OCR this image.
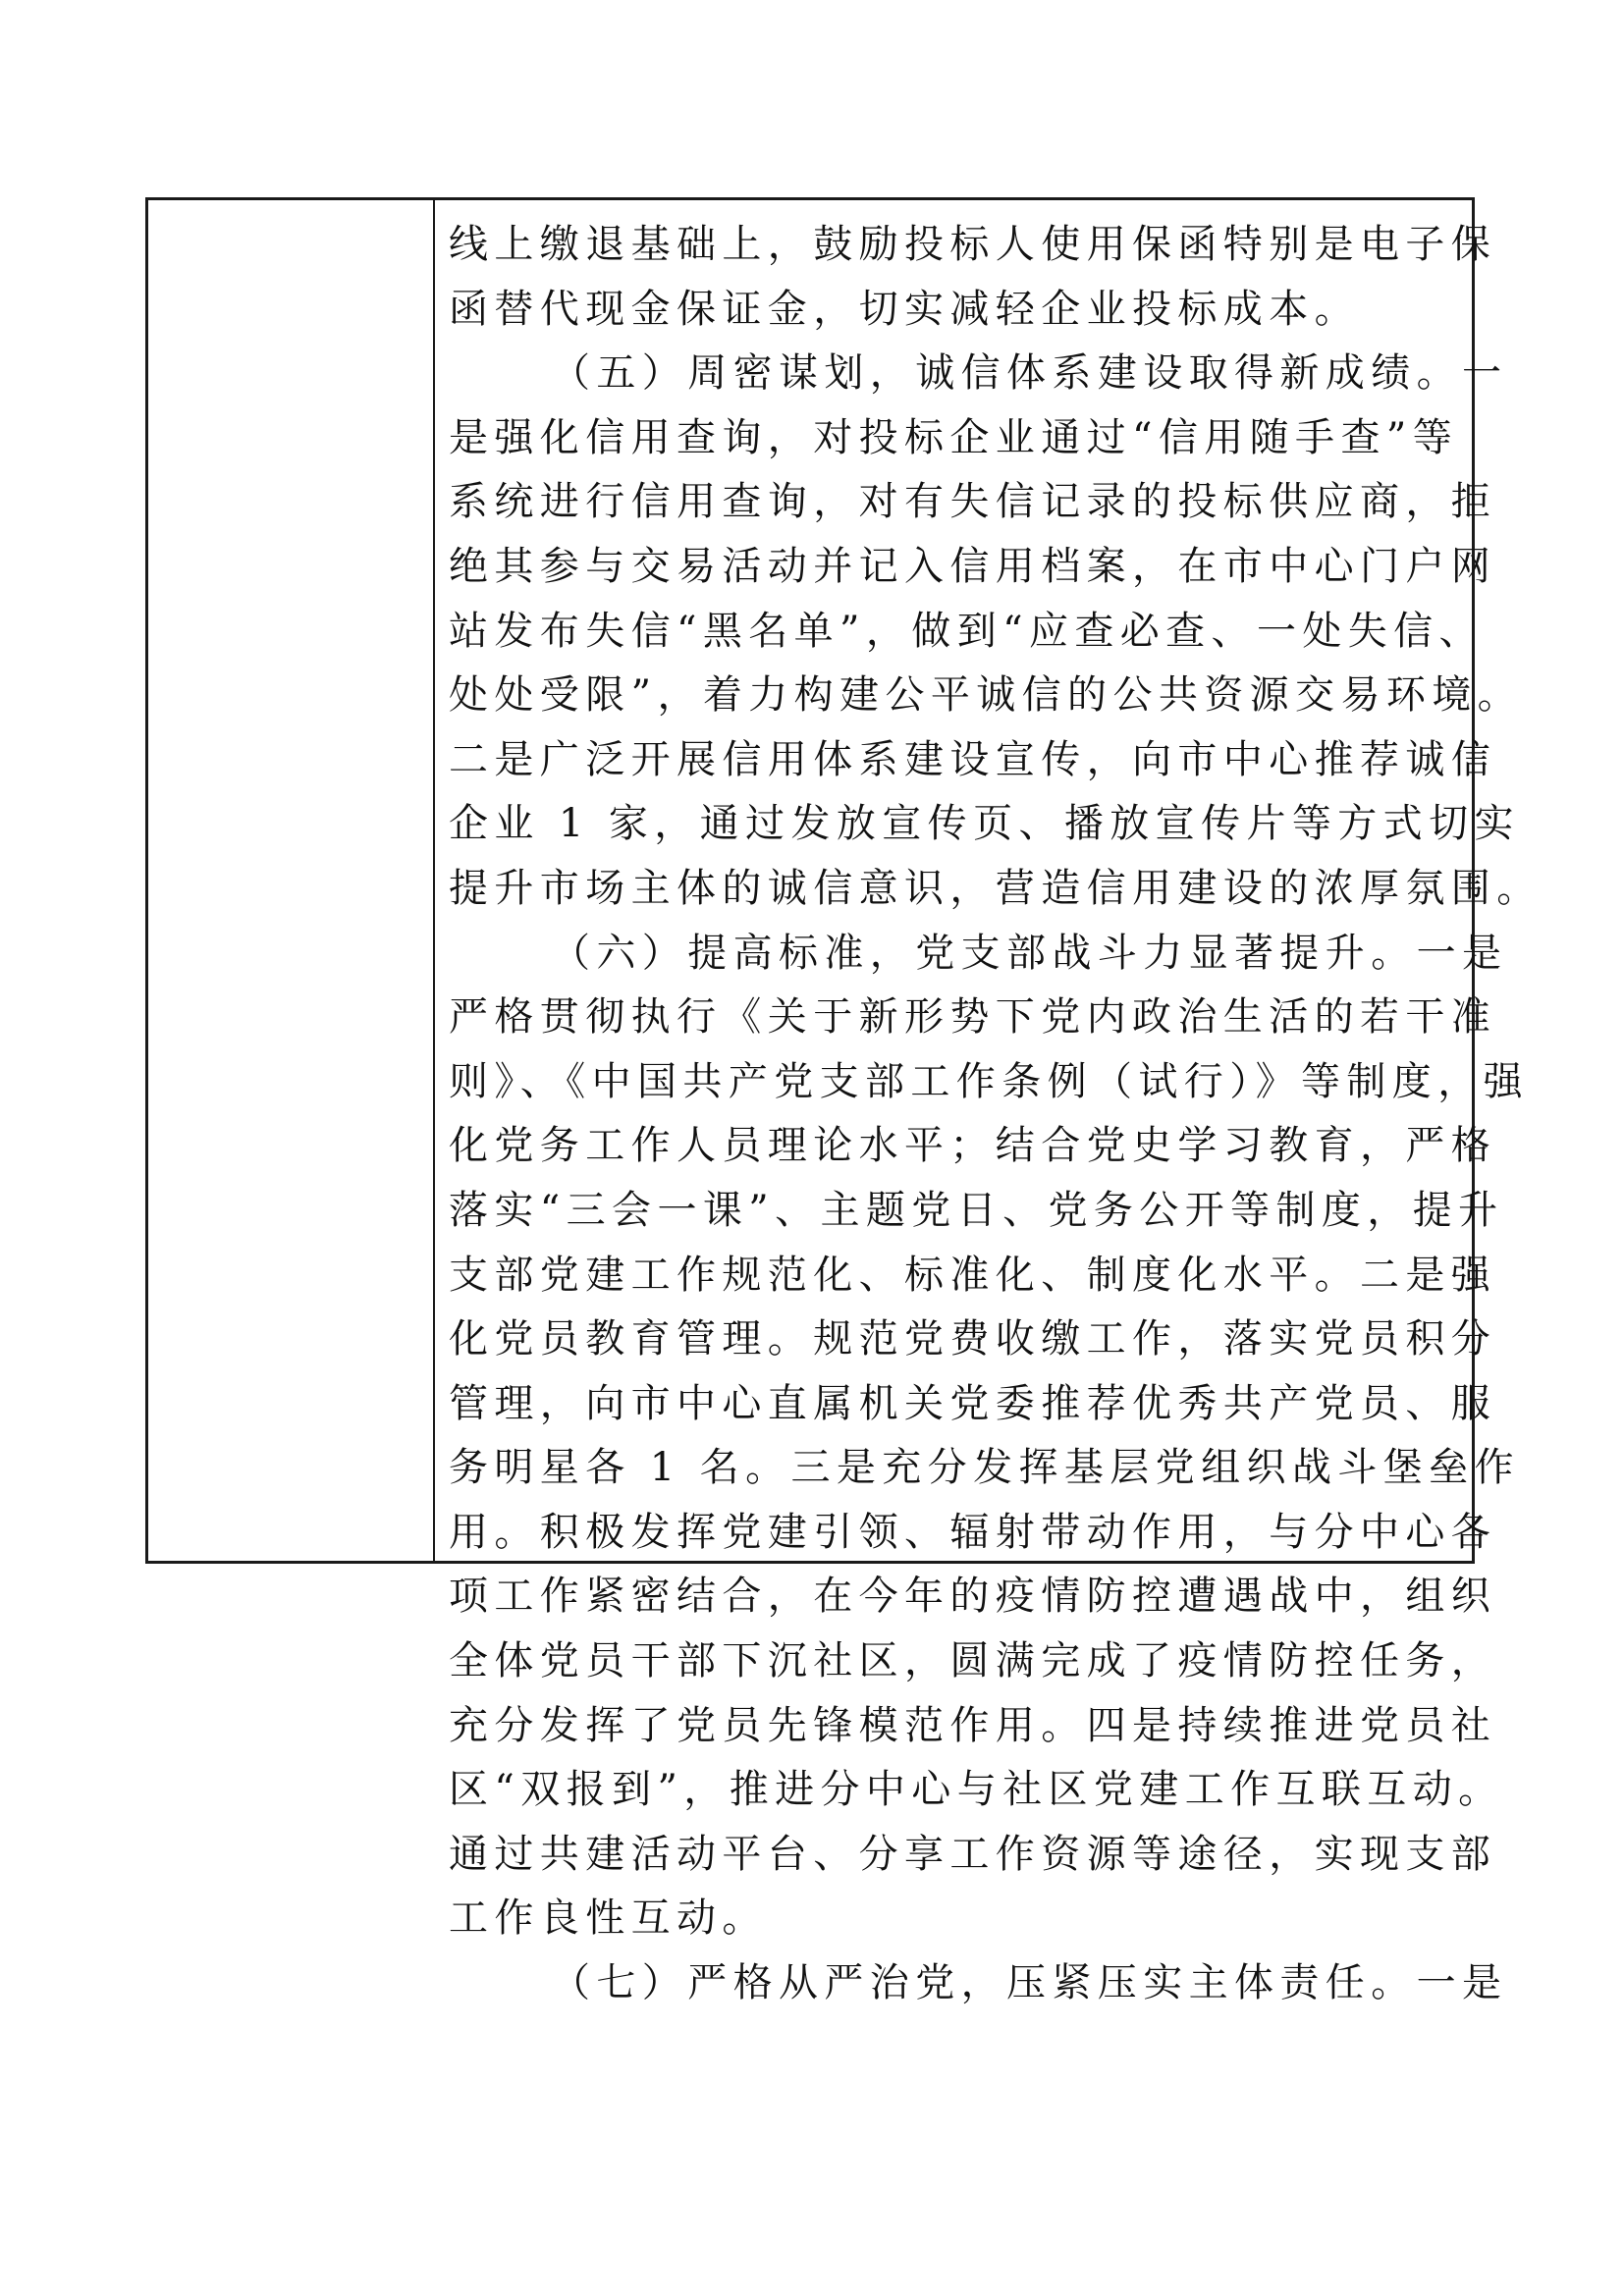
线上缴退基础上，鼓励投标人使用保函特别是电子保
函替代现金保证金，切实减轻企业投标成本。
（五）周密谋划，诚信体系建设取得新成绩。一
是强化信用查询，对投标企业通过“信用随手查”等
系统进行信用查询，对有失信记录的投标供应商，拒
绝其参与交易活动并记入信用档案，在市中心门户网
站发布失信“黑名单”，做到“应查必查、一处失信、
处处受限”，着力构建公平诚信的公共资源交易环境。
二是广泛开展信用体系建设宣传，向市中心推荐诚信
企业 1 家，通过发放宣传页、播放宣传片等方式切实
提升市场主体的诚信意识，营造信用建设的浓厚氛围。
（六）提高标准，党支部战斗力显著提升。一是
严格贯彻执行《关于新形势下党内政治生活的若干准
则》、《中国共产党支部工作条例（试行）》等制度，强
化党务工作人员理论水平；结合党史学习教育，严格
落实“三会一课”、主题党日、党务公开等制度，提升
支部党建工作规范化、标准化、制度化水平。二是强
化党员教育管理。规范党费收缴工作，落实党员积分
管理，向市中心直属机关党委推荐优秀共产党员、服
务明星各 1 名。三是充分发挥基层党组织战斗堡垒作
用。积极发挥党建引领、辐射带动作用，与分中心各
项工作紧密结合，在今年的疫情防控遭遇战中，组织
全体党员干部下沉社区，圆满完成了疫情防控任务，
充分发挥了党员先锋模范作用。四是持续推进党员社
区“双报到”，推进分中心与社区党建工作互联互动。
通过共建活动平台、分享工作资源等途径，实现支部
工作良性互动。
（七）严格从严治党，压紧压实主体责任。一是
